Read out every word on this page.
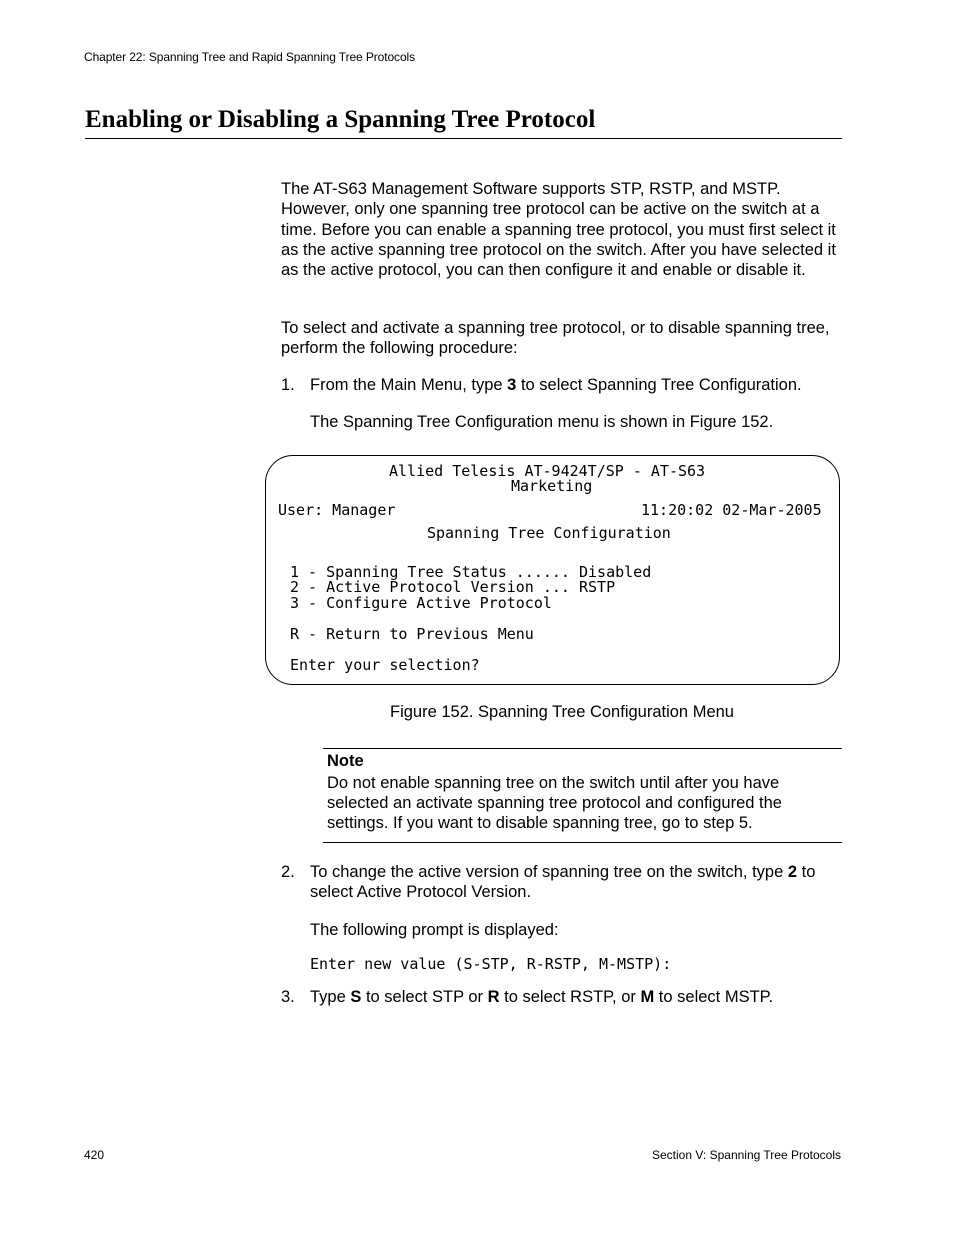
Chapter 22: Spanning Tree and Rapid Spanning Tree Protocols
Enabling or Disabling a Spanning Tree Protocol
The AT-S63 Management Software supports STP, RSTP, and MSTP. However, only one spanning tree protocol can be active on the switch at a time. Before you can enable a spanning tree protocol, you must first select it as the active spanning tree protocol on the switch. After you have selected it as the active protocol, you can then configure it and enable or disable it.
To select and activate a spanning tree protocol, or to disable spanning tree, perform the following procedure:
1. From the Main Menu, type 3 to select Spanning Tree Configuration.
The Spanning Tree Configuration menu is shown in Figure 152.
Allied Telesis AT-9424T/SP - AT-S63
Marketing
User: Manager	11:20:02 02-Mar-2005
Spanning Tree Configuration
1 - Spanning Tree Status ...... Disabled
2 - Active Protocol Version ... RSTP
3 - Configure Active Protocol
R - Return to Previous Menu
Enter your selection?
Figure 152. Spanning Tree Configuration Menu
Note
Do not enable spanning tree on the switch until after you have selected an activate spanning tree protocol and configured the settings. If you want to disable spanning tree, go to step 5.
2. To change the active version of spanning tree on the switch, type 2 to select Active Protocol Version.
The following prompt is displayed:
Enter new value (S-STP, R-RSTP, M-MSTP):
3. Type S to select STP or R to select RSTP, or M to select MSTP.
420	Section V: Spanning Tree Protocols
